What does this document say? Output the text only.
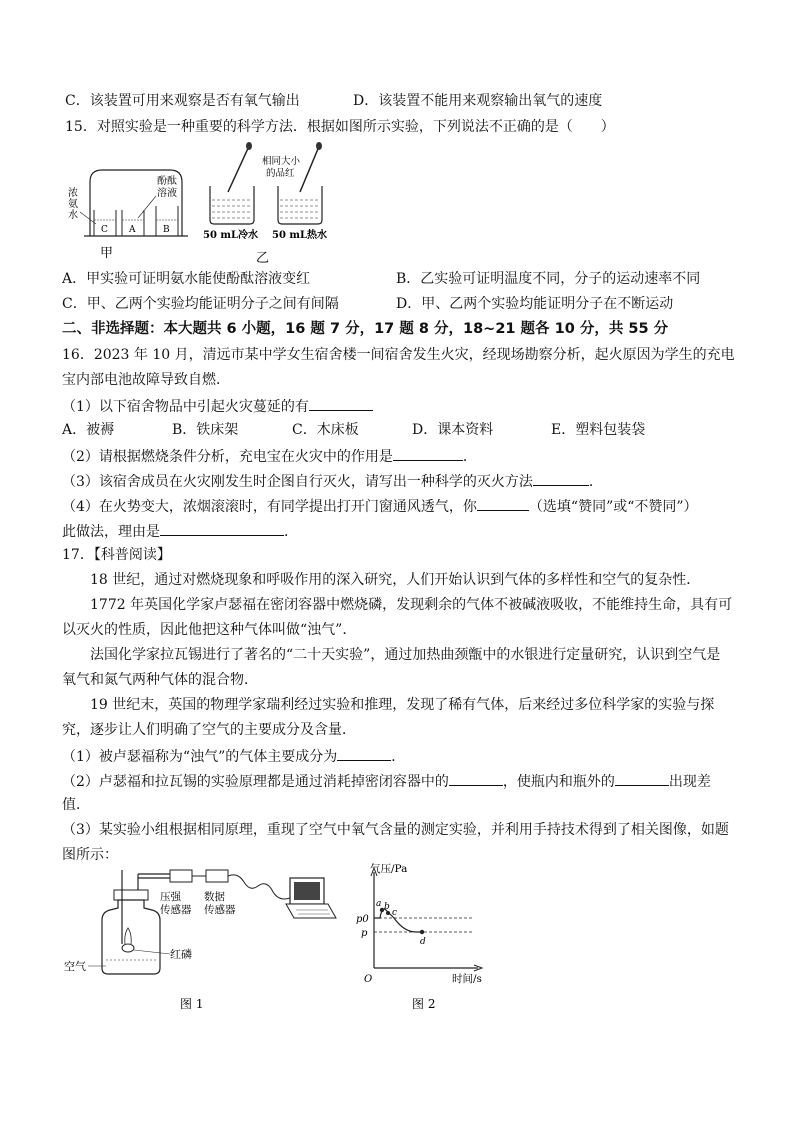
C．该装置可用来观察是否有氧气输出	D．该装置不能用来观察输出氧气的速度
15．对照实验是一种重要的科学方法．根据如图所示实验，下列说法不正确的是（　　）
C A	B
浓
氨
水
酚酞
溶液
甲
相同大小
的品红
50 mL冷水 50 mL热水
乙
A．甲实验可证明氨水能使酚酞溶液变红	B．乙实验可证明温度不同，分子的运动速率不同
C．甲、乙两个实验均能证明分子之间有间隔	D．甲、乙两个实验均能证明分子在不断运动
二、非选择题：本大题共 6 小题，16 题 7 分，17 题 8 分，18~21 题各 10 分，共 55 分
16．2023 年 10 月，清远市某中学女生宿舍楼一间宿舍发生火灾，经现场勘察分析，起火原因为学生的充电
宝内部电池故障导致自燃．
（1）以下宿舍物品中引起火灾蔓延的有
A．被褥	B．铁床架	C．木床板	D．课本资料	E．塑料包装袋
（2）请根据燃烧条件分析，充电宝在火灾中的作用是	．
（3）该宿舍成员在火灾刚发生时企图自行灭火，请写出一种科学的灭火方法	．
（4）在火势变大，浓烟滚滚时，有同学提出打开门窗通风透气，你	（选填“赞同”或“不赞同”）
此做法，理由是	．
17．【科普阅读】
18 世纪，通过对燃烧现象和呼吸作用的深入研究，人们开始认识到气体的多样性和空气的复杂性．
1772 年英国化学家卢瑟福在密闭容器中燃烧磷，发现剩余的气体不被碱液吸收，不能维持生命，具有可
以灭火的性质，因此他把这种气体叫做“浊气”．
法国化学家拉瓦锡进行了著名的“二十天实验”，通过加热曲颈甑中的水银进行定量研究，认识到空气是
氧气和氮气两种气体的混合物．
19 世纪末，英国的物理学家瑞利经过实验和推理，发现了稀有气体，后来经过多位科学家的实验与探
究，逐步让人们明确了空气的主要成分及含量．
（1）被卢瑟福称为“浊气”的气体主要成分为	．
（2）卢瑟福和拉瓦锡的实验原理都是通过消耗掉密闭容器中的	，使瓶内和瓶外的	出现差
值．
（3）某实验小组根据相同原理，重现了空气中氧气含量的测定实验，并利用手持技术得到了相关图像，如题
图所示：
压强
传感器
数据
传感器
空气
红磷
图 1
气压/Pa
时间/s
O
p0
p
a b
c
d
图 2
